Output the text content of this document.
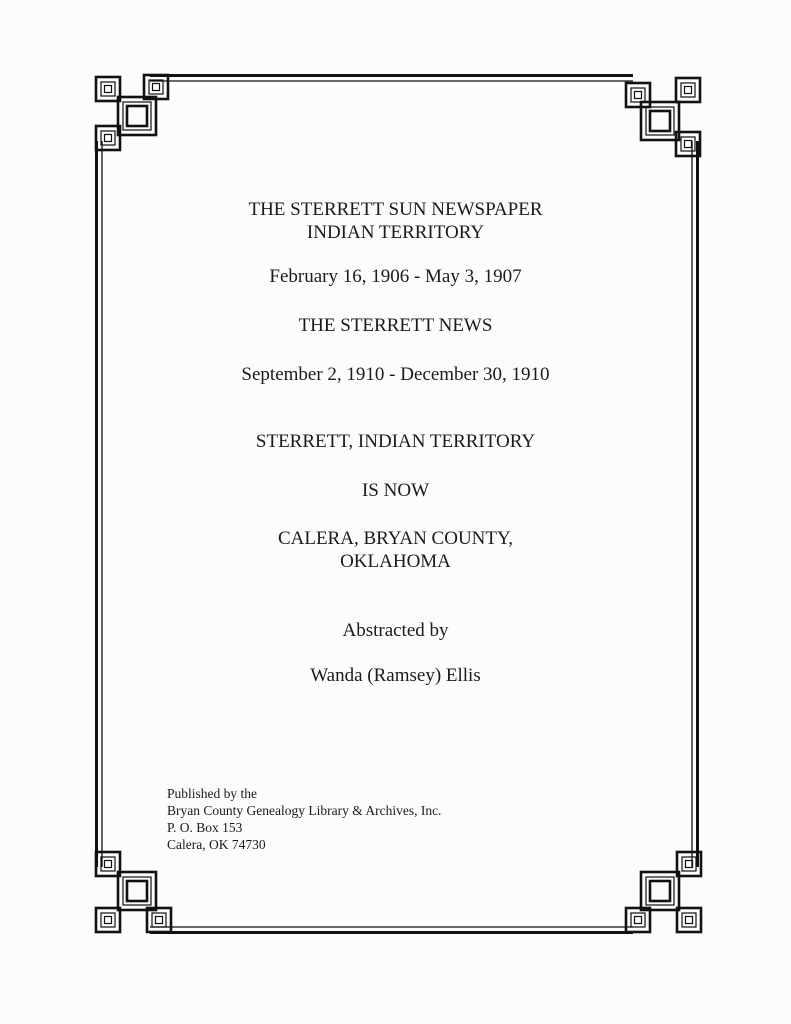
THE STERRETT SUN NEWSPAPER
INDIAN TERRITORY
February 16, 1906 - May 3, 1907
THE STERRETT NEWS
September 2, 1910 - December 30, 1910
STERRETT, INDIAN TERRITORY
IS NOW
CALERA, BRYAN COUNTY,
OKLAHOMA
Abstracted by
Wanda (Ramsey) Ellis
Published by the
Bryan County Genealogy Library & Archives, Inc.
P. O. Box 153
Calera, OK 74730
